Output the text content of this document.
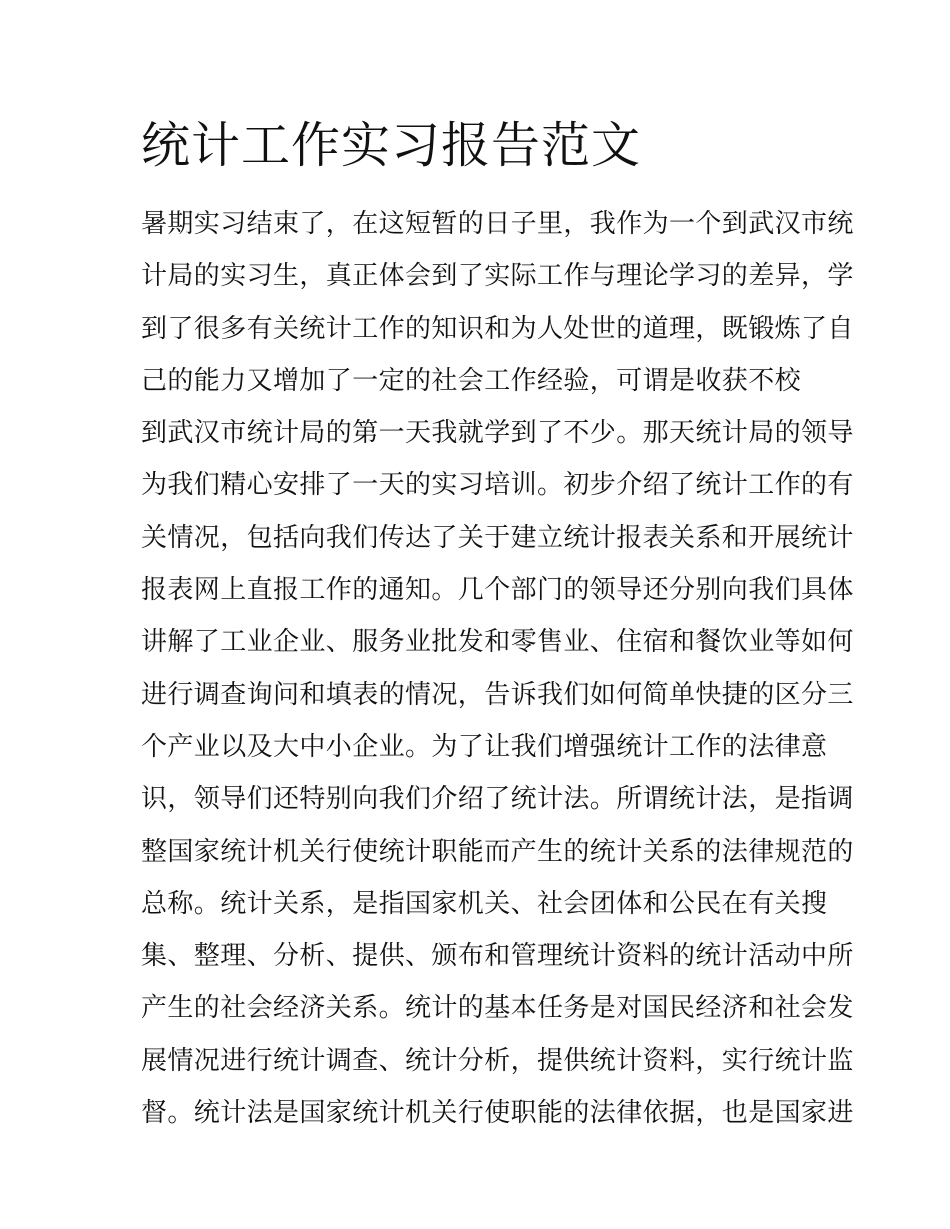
统计工作实习报告范文
暑期实习结束了，在这短暂的日子里，我作为一个到武汉市统
计局的实习生，真正体会到了实际工作与理论学习的差异，学
到了很多有关统计工作的知识和为人处世的道理，既锻炼了自
己的能力又增加了一定的社会工作经验，可谓是收获不校
到武汉市统计局的第一天我就学到了不少。那天统计局的领导
为我们精心安排了一天的实习培训。初步介绍了统计工作的有
关情况，包括向我们传达了关于建立统计报表关系和开展统计
报表网上直报工作的通知。几个部门的领导还分别向我们具体
讲解了工业企业、服务业批发和零售业、住宿和餐饮业等如何
进行调查询问和填表的情况，告诉我们如何简单快捷的区分三
个产业以及大中小企业。为了让我们增强统计工作的法律意
识，领导们还特别向我们介绍了统计法。所谓统计法，是指调
整国家统计机关行使统计职能而产生的统计关系的法律规范的
总称。统计关系，是指国家机关、社会团体和公民在有关搜
集、整理、分析、提供、颁布和管理统计资料的统计活动中所
产生的社会经济关系。统计的基本任务是对国民经济和社会发
展情况进行统计调查、统计分析，提供统计资料，实行统计监
督。统计法是国家统计机关行使职能的法律依据，也是国家进
